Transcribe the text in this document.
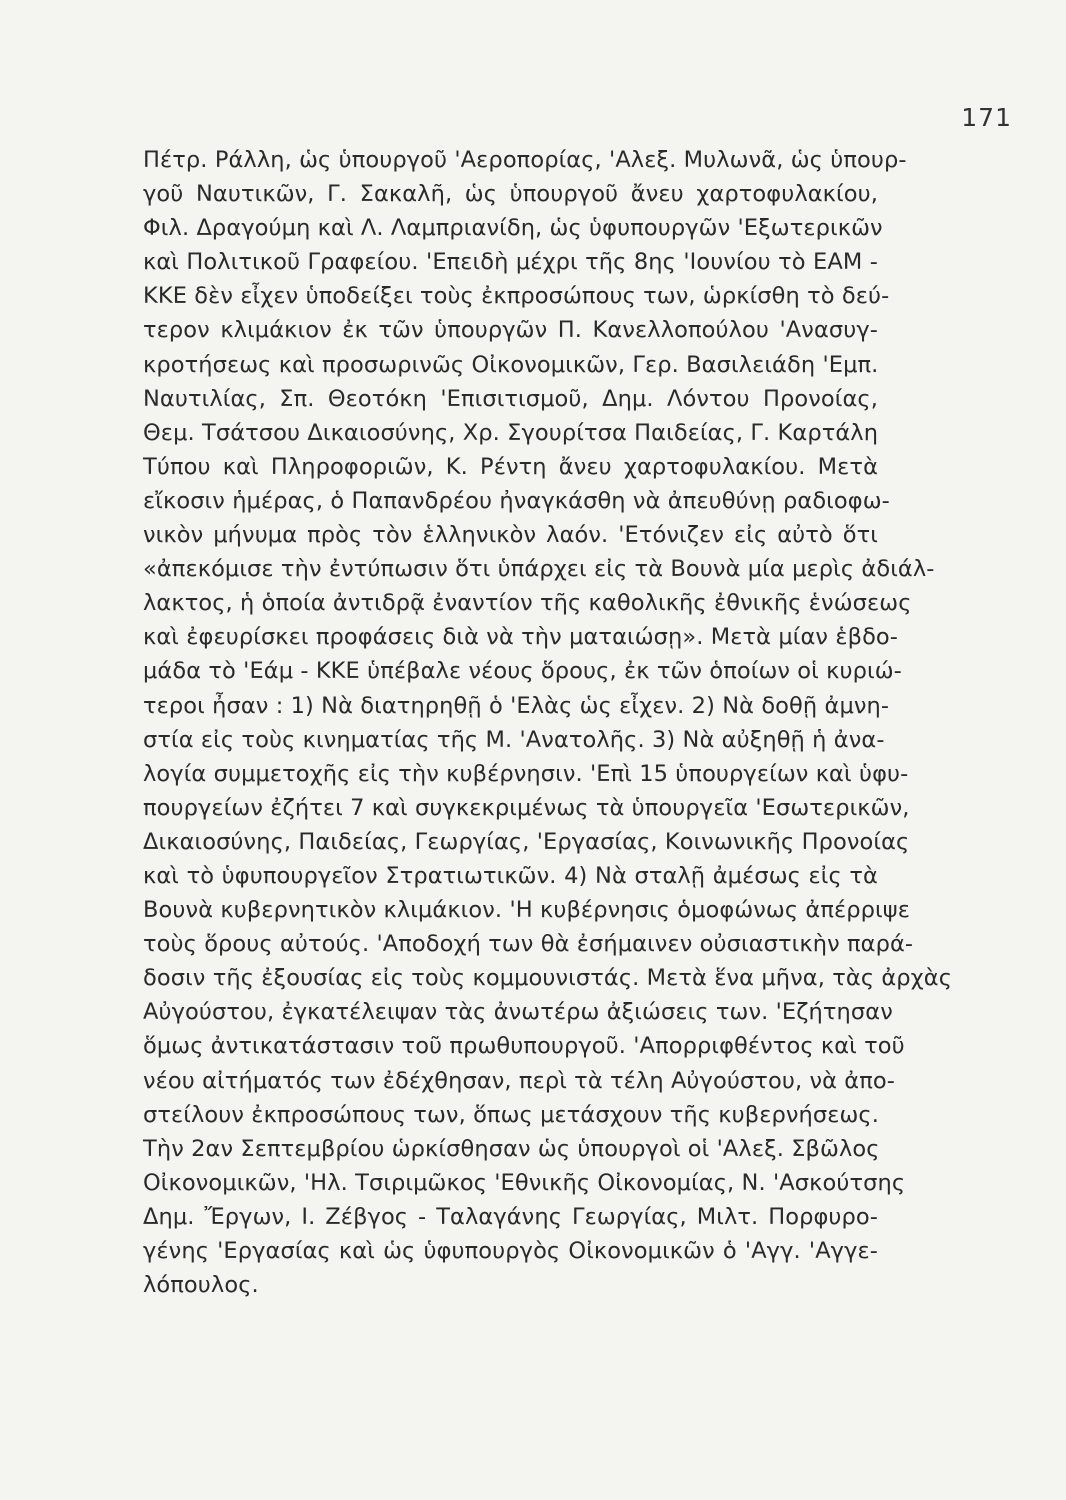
171
Πέτρ. Ράλλη, ὡς ὑπουργοῦ 'Αεροπορίας, 'Αλεξ. Μυλωνᾶ, ὡς ὑπουρ-
γοῦ Ναυτικῶν, Γ. Σακαλῆ, ὡς ὑπουργοῦ ἄνευ χαρτοφυλακίου,
Φιλ. Δραγούμη καὶ Λ. Λαμπριανίδη, ὡς ὑφυπουργῶν 'Εξωτερικῶν
καὶ Πολιτικοῦ Γραφείου. 'Επειδὴ μέχρι τῆς 8ης 'Ιουνίου τὸ ΕΑΜ -
ΚΚΕ δὲν εἶχεν ὑποδείξει τοὺς ἐκπροσώπους των, ὡρκίσθη τὸ δεύ-
τερον κλιμάκιον ἐκ τῶν ὑπουργῶν Π. Κανελλοπούλου 'Ανασυγ-
κροτήσεως καὶ προσωρινῶς Οἰκονομικῶν, Γερ. Βασιλειάδη 'Εμπ.
Ναυτιλίας, Σπ. Θεοτόκη 'Επισιτισμοῦ, Δημ. Λόντου Προνοίας,
Θεμ. Τσάτσου Δικαιοσύνης, Χρ. Σγουρίτσα Παιδείας, Γ. Καρτάλη
Τύπου καὶ Πληροφοριῶν, Κ. Ρέντη ἄνευ χαρτοφυλακίου. Μετὰ
εἴκοσιν ἡμέρας, ὁ Παπανδρέου ἠναγκάσθη νὰ ἀπευθύνῃ ραδιοφω-
νικὸν μήνυμα πρὸς τὸν ἑλληνικὸν λαόν. 'Ετόνιζεν εἰς αὐτὸ ὅτι
«ἀπεκόμισε τὴν ἐντύπωσιν ὅτι ὑπάρχει εἰς τὰ Βουνὰ μία μερὶς ἀδιάλ-
λακτος, ἡ ὁποία ἀντιδρᾷ ἐναντίον τῆς καθολικῆς ἐθνικῆς ἑνώσεως
καὶ ἐφευρίσκει προφάσεις διὰ νὰ τὴν ματαιώσῃ». Μετὰ μίαν ἑβδο-
μάδα τὸ 'Εάμ - ΚΚΕ ὑπέβαλε νέους ὅρους, ἐκ τῶν ὁποίων οἱ κυριώ-
τεροι ἦσαν : 1) Νὰ διατηρηθῇ ὁ 'Ελὰς ὡς εἶχεν. 2) Νὰ δοθῇ ἀμνη-
στία εἰς τοὺς κινηματίας τῆς Μ. 'Ανατολῆς. 3) Νὰ αὐξηθῇ ἡ ἀνα-
λογία συμμετοχῆς εἰς τὴν κυβέρνησιν. 'Επὶ 15 ὑπουργείων καὶ ὑφυ-
πουργείων ἐζήτει 7 καὶ συγκεκριμένως τὰ ὑπουργεῖα 'Εσωτερικῶν,
Δικαιοσύνης, Παιδείας, Γεωργίας, 'Εργασίας, Κοινωνικῆς Προνοίας
καὶ τὸ ὑφυπουργεῖον Στρατιωτικῶν. 4) Νὰ σταλῇ ἀμέσως εἰς τὰ
Βουνὰ κυβερνητικὸν κλιμάκιον. 'Η κυβέρνησις ὁμοφώνως ἀπέρριψε
τοὺς ὅρους αὐτούς. 'Αποδοχή των θὰ ἐσήμαινεν οὐσιαστικὴν παρά-
δοσιν τῆς ἐξουσίας εἰς τοὺς κομμουνιστάς. Μετὰ ἕνα μῆνα, τὰς ἀρχὰς
Αὐγούστου, ἐγκατέλειψαν τὰς ἀνωτέρω ἀξιώσεις των. 'Εζήτησαν
ὅμως ἀντικατάστασιν τοῦ πρωθυπουργοῦ. 'Απορριφθέντος καὶ τοῦ
νέου αἰτήματός των ἐδέχθησαν, περὶ τὰ τέλη Αὐγούστου, νὰ ἀπο-
στείλουν ἐκπροσώπους των, ὅπως μετάσχουν τῆς κυβερνήσεως.
Τὴν 2αν Σεπτεμβρίου ὡρκίσθησαν ὡς ὑπουργοὶ οἱ 'Αλεξ. Σβῶλος
Οἰκονομικῶν, 'Ηλ. Τσιριμῶκος 'Εθνικῆς Οἰκονομίας, Ν. 'Ασκούτσης
Δημ. Ἔργων, Ι. Ζέβγος - Ταλαγάνης Γεωργίας, Μιλτ. Πορφυρο-
γένης 'Εργασίας καὶ ὡς ὑφυπουργὸς Οἰκονομικῶν ὁ 'Αγγ. 'Αγγε-
λόπουλος.
